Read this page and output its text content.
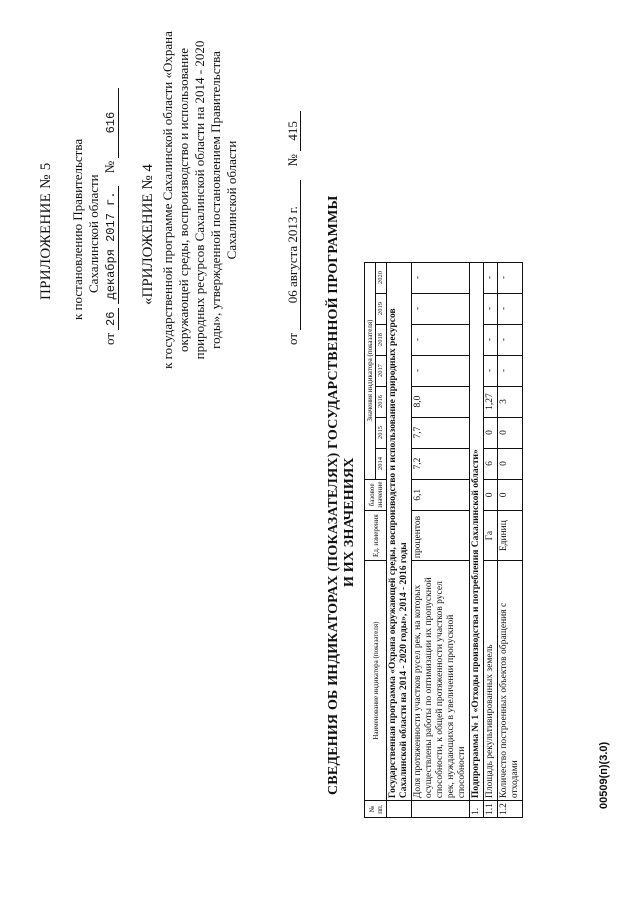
ПРИЛОЖЕНИЕ № 5 к постановлению Правительства Сахалинской области
от 26 декабря 2017 г. № 616
«ПРИЛОЖЕНИЕ № 4 к государственной программе Сахалинской области «Охрана окружающей среды, воспроизводство и использование природных ресурсов Сахалинской области на 2014 - 2020 годы», утвержденной постановлением Правительства Сахалинской области
от 06 августа 2013 г. № 415
СВЕДЕНИЯ ОБ ИНДИКАТОРАХ (ПОКАЗАТЕЛЯХ) ГОСУДАРСТВЕННОЙ ПРОГРАММЫ И ИХ ЗНАЧЕНИЯХ
№ пп.	Наименование индикатора (показателя)	Ед. измерения	базовое значение	Значения индикатора (показателя)						
				2014	2015	2016	2017	2018	2019	2020
	Государственная программа «Охрана окружающей среды, воспроизводство и использование природных ресурсов Сахалинской области на 2014 - 2020 годы», 2014 - 2016 годы									
	Доля протяженности участков русел рек, на которых осуществлены работы по оптимизации их пропускной способности, к общей протяженности участков русел рек, нуждающихся в увеличении пропускной способности	процентов	6,1	7,2	7,7	8,0	-	-	-	-
1.	Подпрограмма № 1 «Отходы производства и потребления Сахалинской области»									
1.1	Площадь рекультивированных земель	Га	0	6	0	1,27	-	-	-	-
1.2	Количество построенных объектов обращения с отходами	Единиц	0	0	0	3	-	-	-	-
00509(п)(3.0)
